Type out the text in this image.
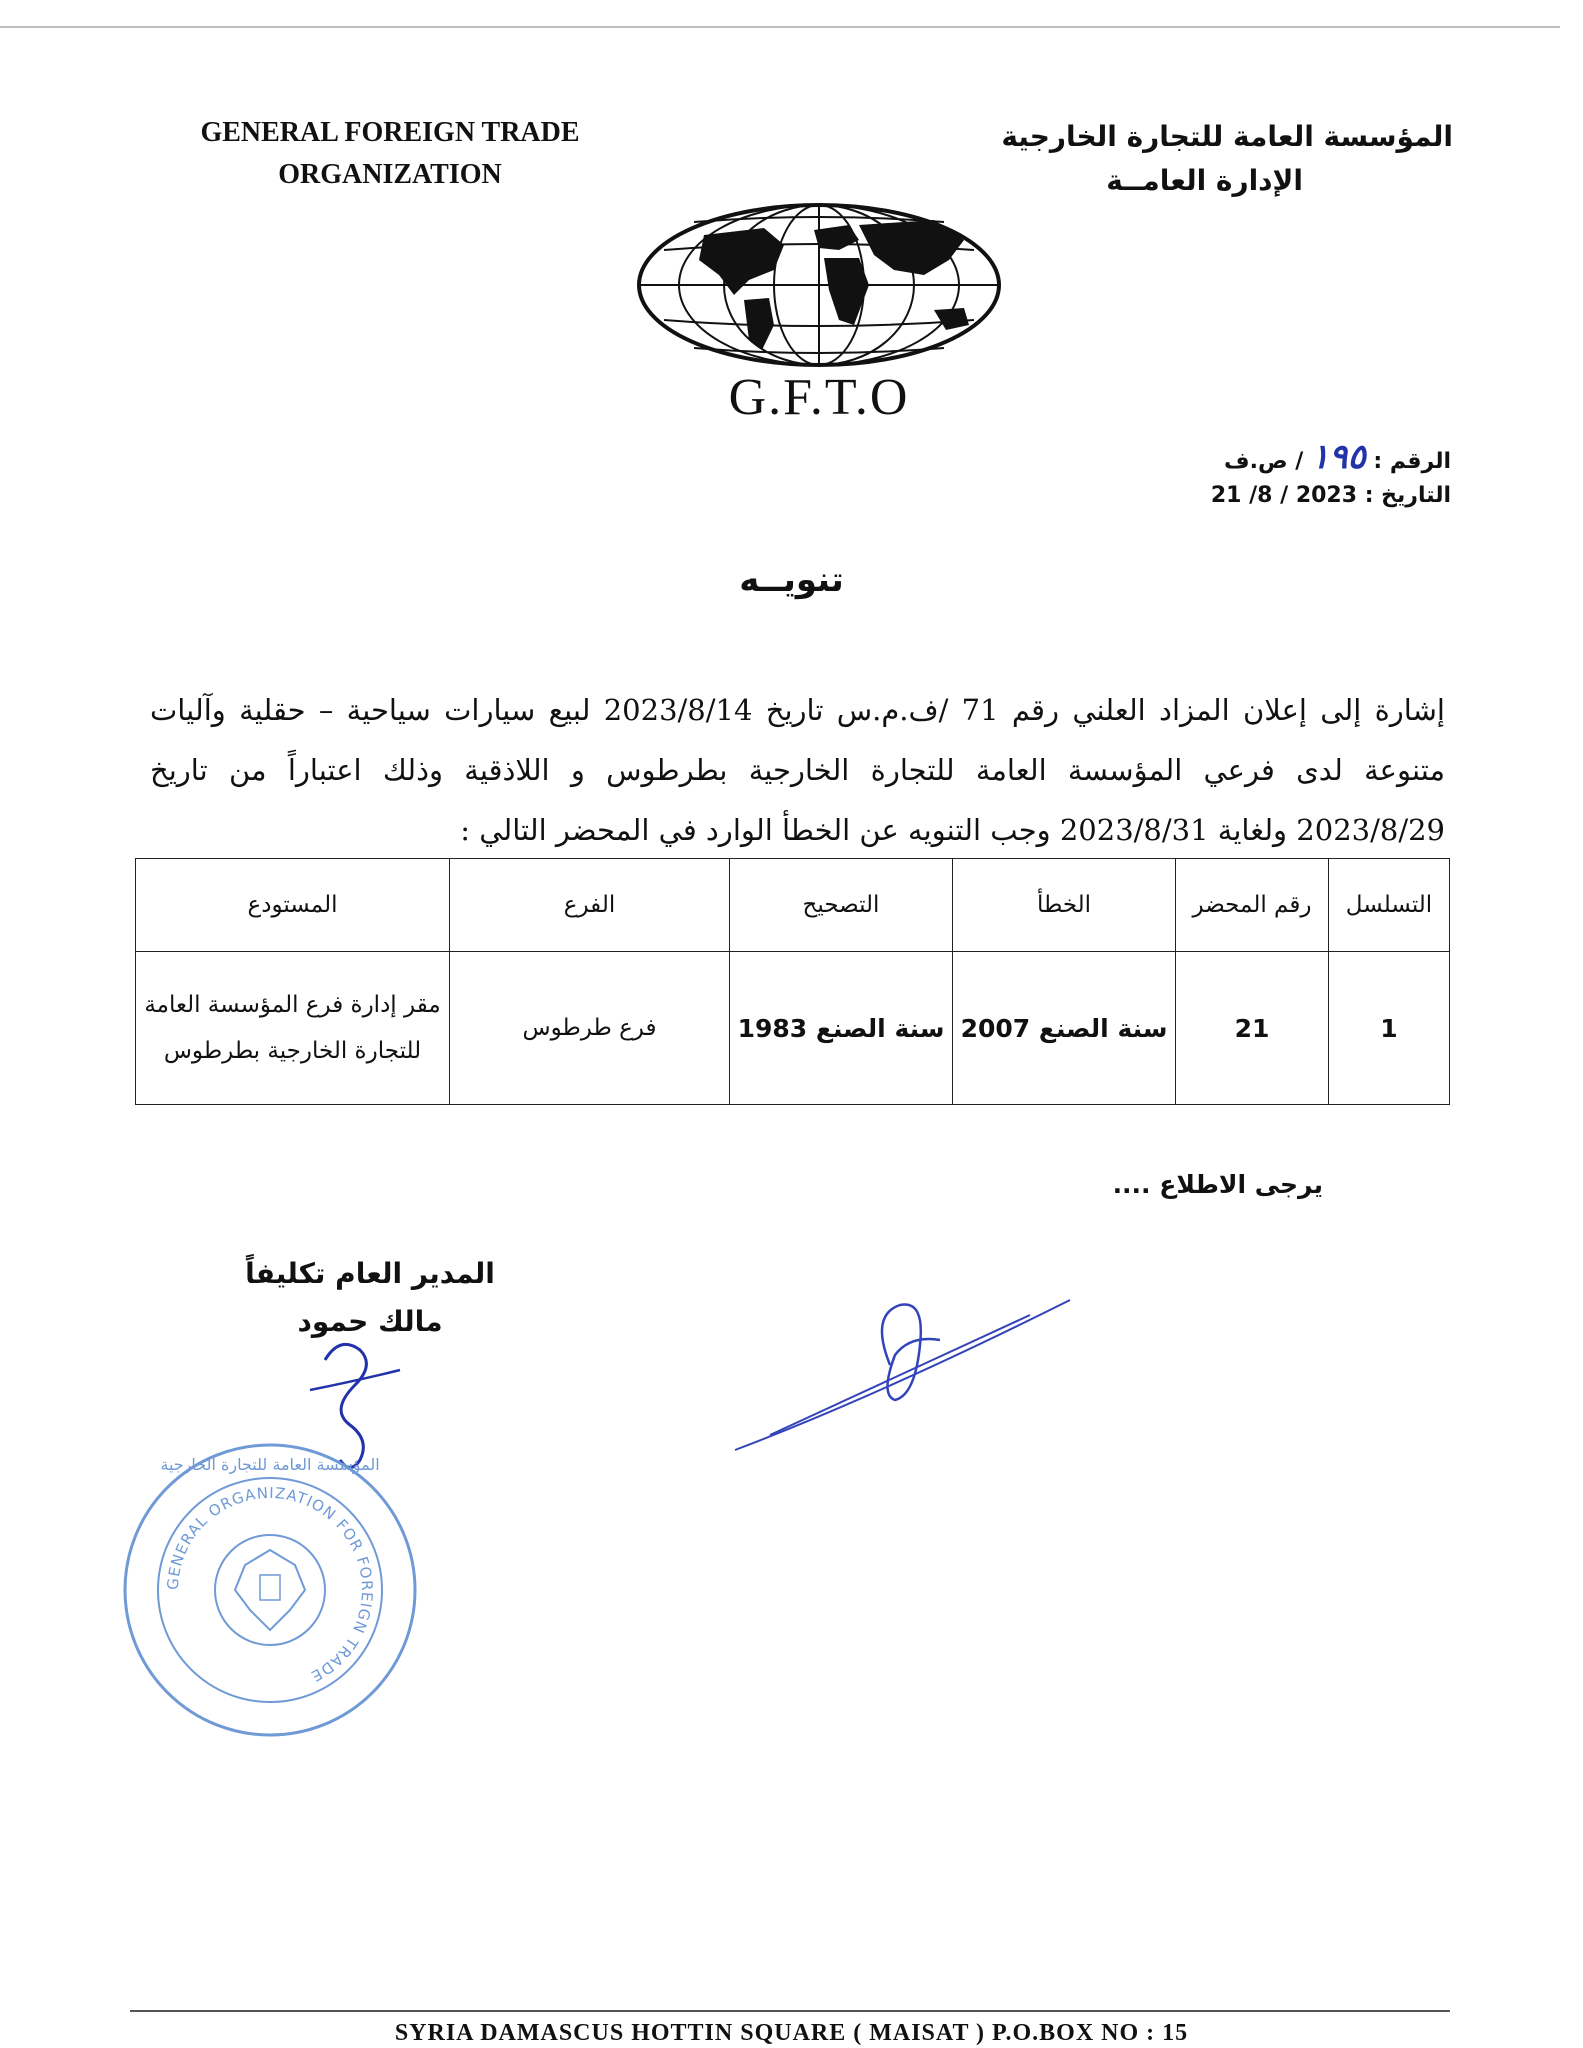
GENERAL FOREIGN TRADE
ORGANIZATION
المؤسسة العامة للتجارة الخارجية
الإدارة العامــة
G.F.T.O
الرقم : ١٩٥ / ص.ف
التاريخ : 2023 / 8/ 21
تنويــه
إشارة إلى إعلان المزاد العلني رقم 71 /ف.م.س تاريخ 2023/8/14 لبيع سيارات سياحية – حقلية وآليات متنوعة لدى فرعي المؤسسة العامة للتجارة الخارجية بطرطوس و اللاذقية وذلك اعتباراً من تاريخ 2023/8/29 ولغاية 2023/8/31 وجب التنويه عن الخطأ الوارد في المحضر التالي :
التسلسل	رقم المحضر	الخطأ	التصحيح	الفرع	المستودع
1	21	سنة الصنع 2007	سنة الصنع 1983	فرع طرطوس	مقر إدارة فرع المؤسسة العامة للتجارة الخارجية بطرطوس
يرجى الاطلاع ....
المدير العام تكليفاً
مالك حمود
GENERAL ORGANIZATION FOR FOREIGN TRADE
المؤسسة العامة للتجارة الخارجية
SYRIA DAMASCUS HOTTIN SQUARE ( MAISAT ) P.O.BOX NO : 15
